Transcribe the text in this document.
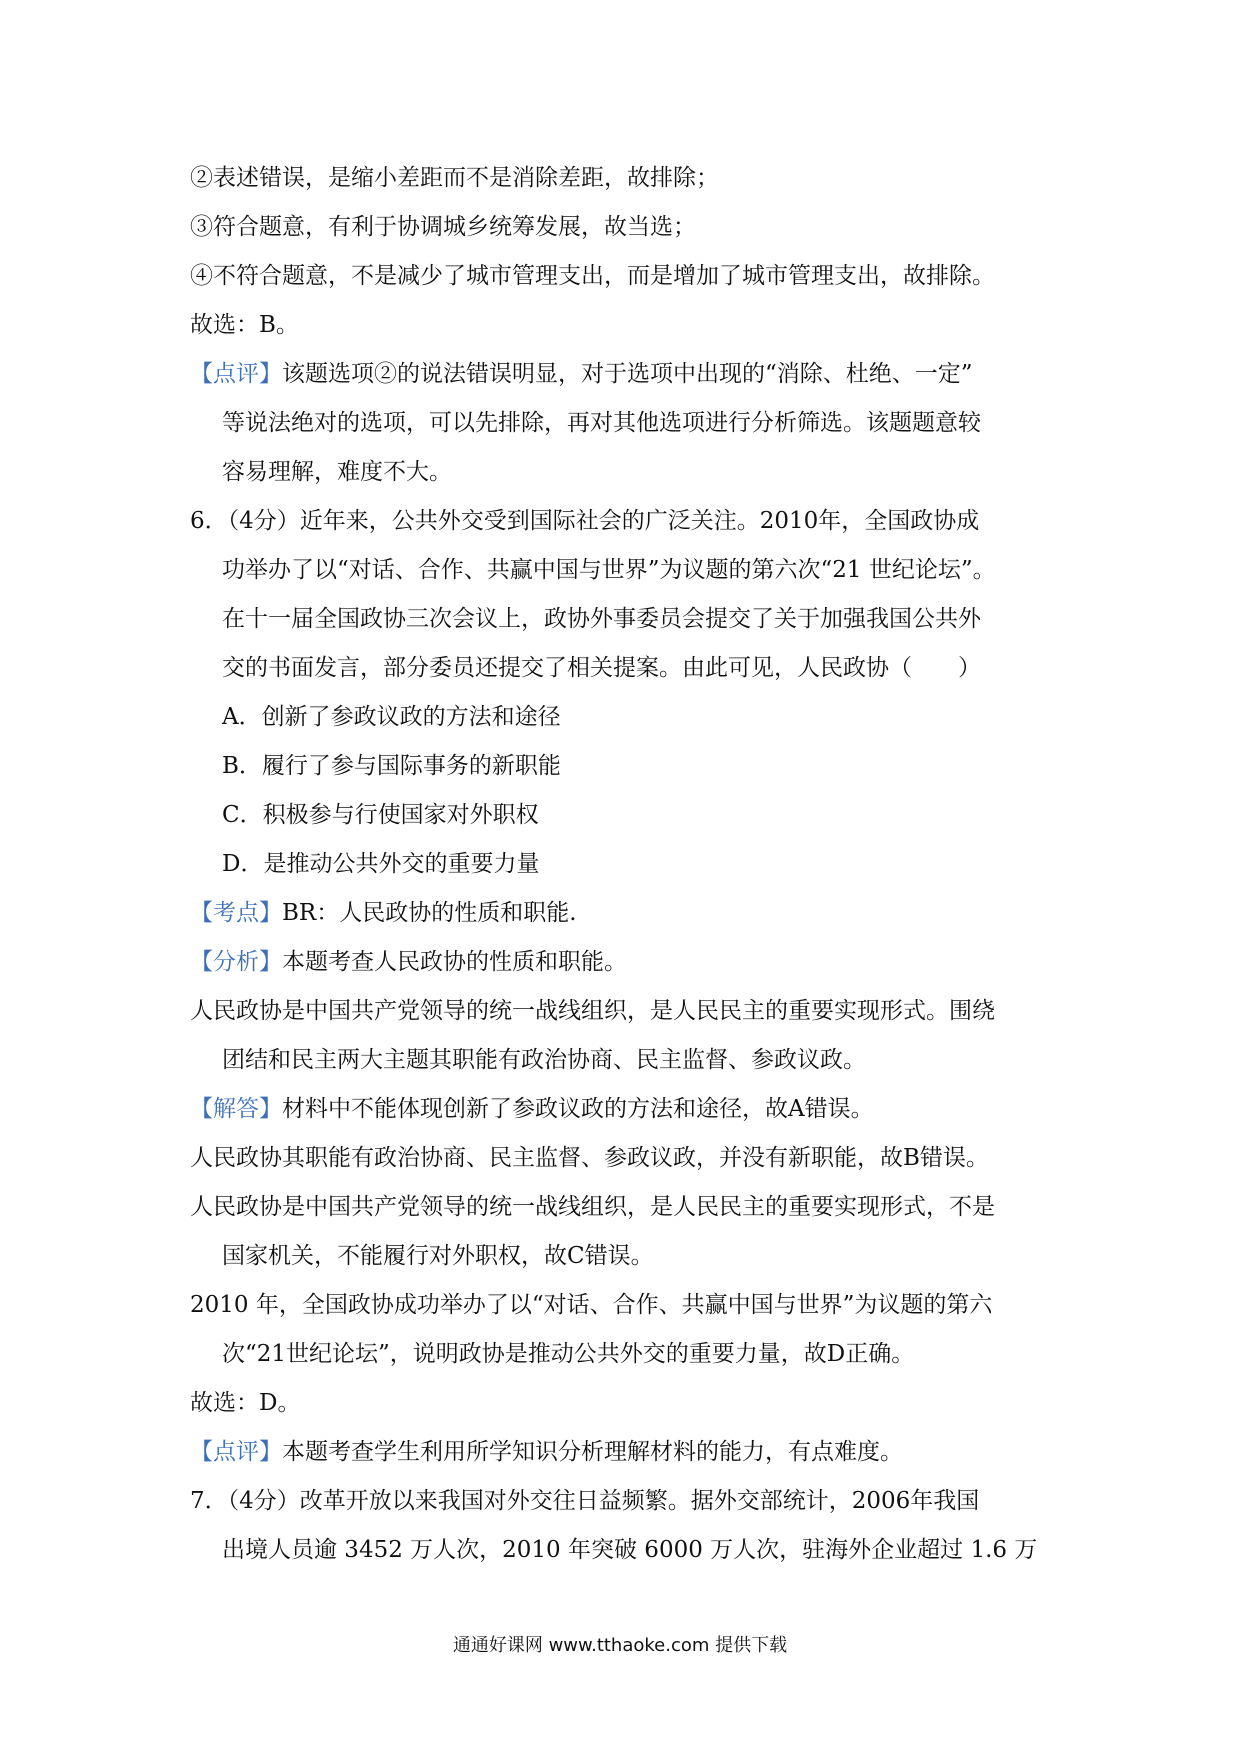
②表述错误，是缩小差距而不是消除差距，故排除；
③符合题意，有利于协调城乡统筹发展，故当选；
④不符合题意，不是减少了城市管理支出，而是增加了城市管理支出，故排除。
故选：B。
【点评】该题选项②的说法错误明显，对于选项中出现的“消除、杜绝、一定”
等说法绝对的选项，可以先排除，再对其他选项进行分析筛选。该题题意较
容易理解，难度不大。
6．（4分）近年来，公共外交受到国际社会的广泛关注。2010年，全国政协成
功举办了以“对话、合作、共赢中国与世界”为议题的第六次“21 世纪论坛”。
在十一届全国政协三次会议上，政协外事委员会提交了关于加强我国公共外
交的书面发言，部分委员还提交了相关提案。由此可见，人民政协（　　）
A．创新了参政议政的方法和途径
B．履行了参与国际事务的新职能
C．积极参与行使国家对外职权
D．是推动公共外交的重要力量
【考点】BR：人民政协的性质和职能.
【分析】本题考查人民政协的性质和职能。
人民政协是中国共产党领导的统一战线组织，是人民民主的重要实现形式。围绕
团结和民主两大主题其职能有政治协商、民主监督、参政议政。
【解答】材料中不能体现创新了参政议政的方法和途径，故A错误。
人民政协其职能有政治协商、民主监督、参政议政，并没有新职能，故B错误。
人民政协是中国共产党领导的统一战线组织，是人民民主的重要实现形式，不是
国家机关，不能履行对外职权，故C错误。
2010 年，全国政协成功举办了以“对话、合作、共赢中国与世界”为议题的第六
次“21世纪论坛”，说明政协是推动公共外交的重要力量，故D正确。
故选：D。
【点评】本题考查学生利用所学知识分析理解材料的能力，有点难度。
7．（4分）改革开放以来我国对外交往日益频繁。据外交部统计，2006年我国
出境人员逾 3452 万人次，2010 年突破 6000 万人次，驻海外企业超过 1.6 万
通通好课网 www.tthaoke.com 提供下载
